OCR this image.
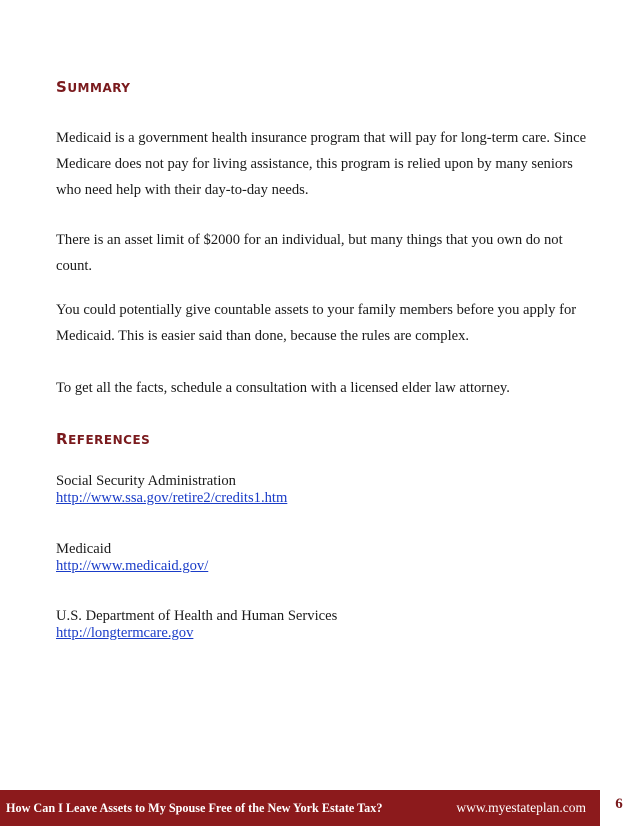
SUMMARY

Medicaid is a government health insurance program that will pay for long-term care. Since Medicare does not pay for living assistance, this program is relied upon by many seniors who need help with their day-to-day needs.

There is an asset limit of $2000 for an individual, but many things that you own do not count.

You could potentially give countable assets to your family members before you apply for Medicaid. This is easier said than done, because the rules are complex.

To get all the facts, schedule a consultation with a licensed elder law attorney.

REFERENCES

Social Security Administration

http://www.ssa.gov/retire2/credits1.htm

Medicaid

http://www.medicaid.gov/

U.S. Department of Health and Human Services

http://longtermcare.gov
How Can I Leave Assets to My Spouse Free of the New York Estate Tax?	www.myestateplan.com	6
